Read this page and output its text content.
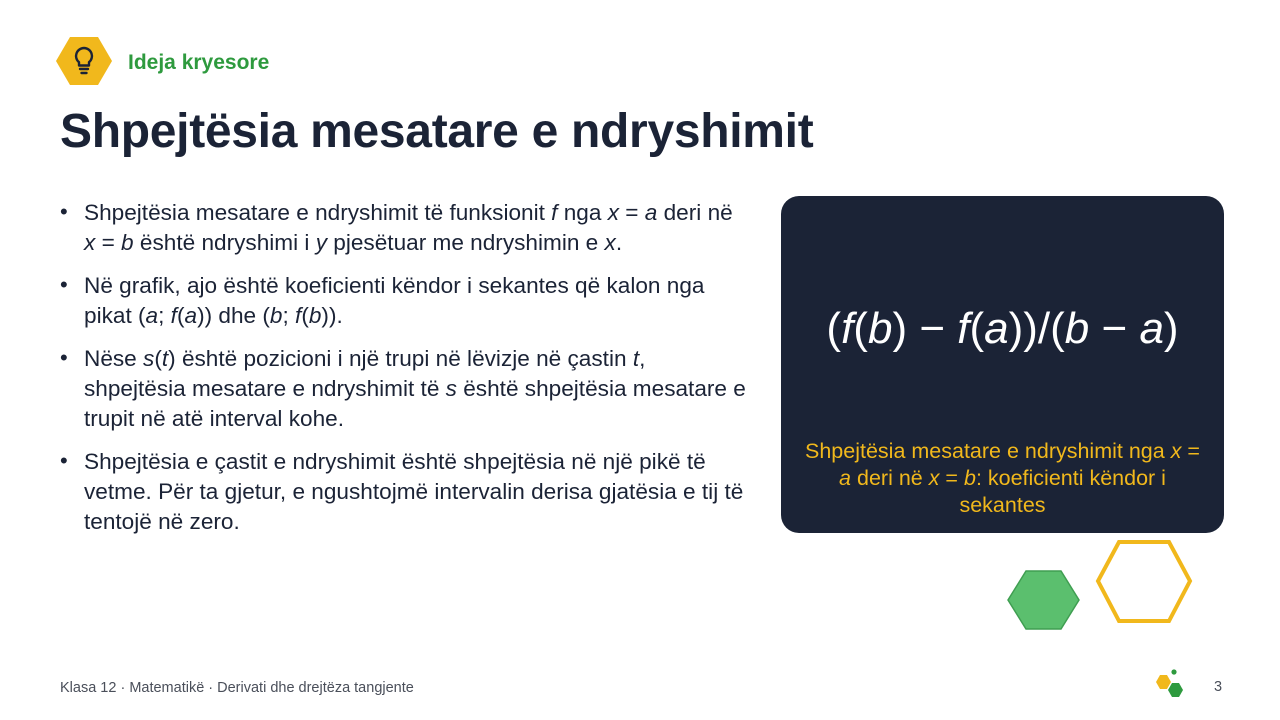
Ideja kryesore
Shpejtësia mesatare e ndryshimit
• Shpejtësia mesatare e ndryshimit të funksionit f nga x = a deri në x = b është ndryshimi i y pjesëtuar me ndryshimin e x.
• Në grafik, ajo është koeficienti këndor i sekantes që kalon nga pikat (a; f(a)) dhe (b; f(b)).
• Nëse s(t) është pozicioni i një trupi në lëvizje në çastin t, shpejtësia mesatare e ndryshimit të s është shpejtësia mesatare e trupit në atë interval kohe.
• Shpejtësia e çastit e ndryshimit është shpejtësia në një pikë të vetme. Për ta gjetur, e ngushtojmë intervalin derisa gjatësia e tij të tentojë në zero.
(f(b) − f(a))/(b − a)
Shpejtësia mesatare e ndryshimit nga x = a deri në x = b: koeficienti këndor i sekantes
Klasa 12 · Matematikë · Derivati dhe drejtëza tangjente	3
